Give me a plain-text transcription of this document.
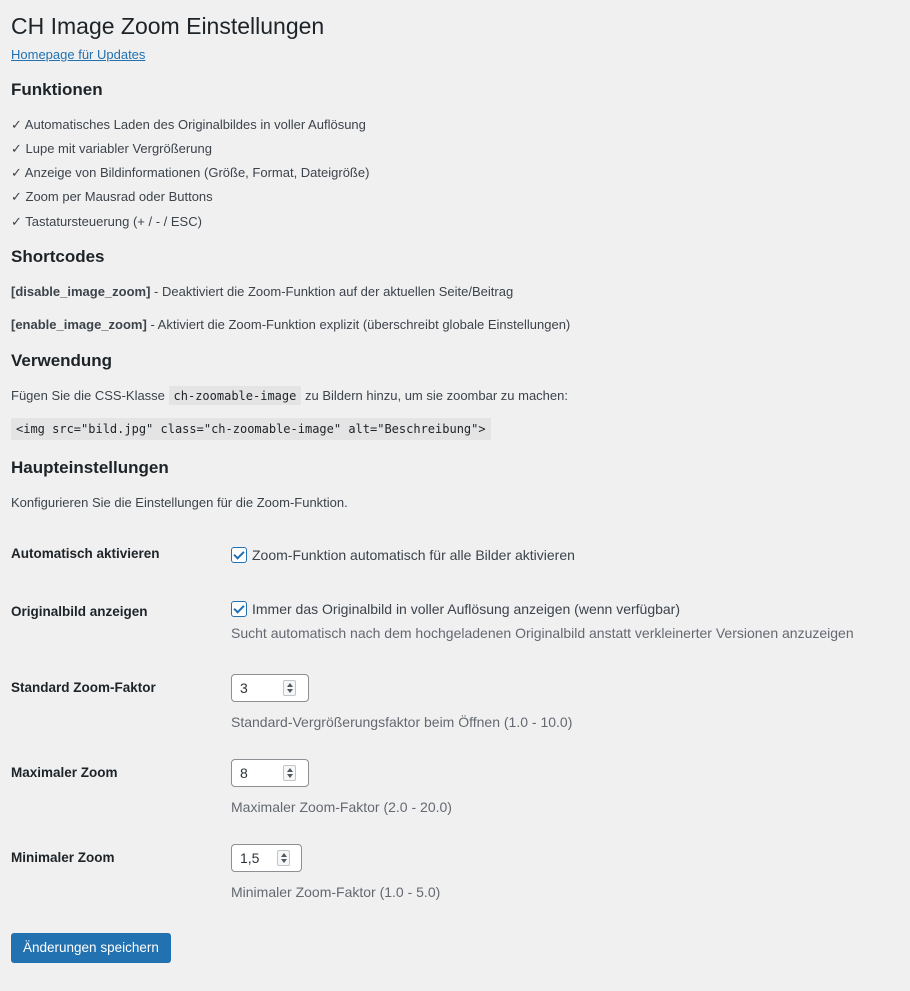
CH Image Zoom Einstellungen
Homepage für Updates
Funktionen

✓ Automatisches Laden des Originalbildes in voller Auflösung

✓ Lupe mit variabler Vergrößerung

✓ Anzeige von Bildinformationen (Größe, Format, Dateigröße)

✓ Zoom per Mausrad oder Buttons

✓ Tastatursteuerung (+ / - / ESC)

Shortcodes

[disable_image_zoom] - Deaktiviert die Zoom-Funktion auf der aktuellen Seite/Beitrag

[enable_image_zoom] - Aktiviert die Zoom-Funktion explizit (überschreibt globale Einstellungen)

Verwendung

Fügen Sie die CSS-Klasse ch-zoomable-image zu Bildern hinzu, um sie zoombar zu machen:

<img src="bild.jpg" class="ch-zoomable-image" alt="Beschreibung">
Haupteinstellungen

Konfigurieren Sie die Einstellungen für die Zoom-Funktion.

Automatisch aktivieren	Zoom-Funktion automatisch für alle Bilder aktivieren
Originalbild anzeigen	Immer das Originalbild in voller Auflösung anzeigen (wenn verfügbar)
Sucht automatisch nach dem hochgeladenen Originalbild anstatt verkleinerter Versionen anzuzeigen
Standard Zoom-Faktor	3
Standard-Vergrößerungsfaktor beim Öffnen (1.0 - 10.0)
Maximaler Zoom	8
Maximaler Zoom-Faktor (2.0 - 20.0)
Minimaler Zoom	1,5
Minimaler Zoom-Faktor (1.0 - 5.0)
Änderungen speichern
